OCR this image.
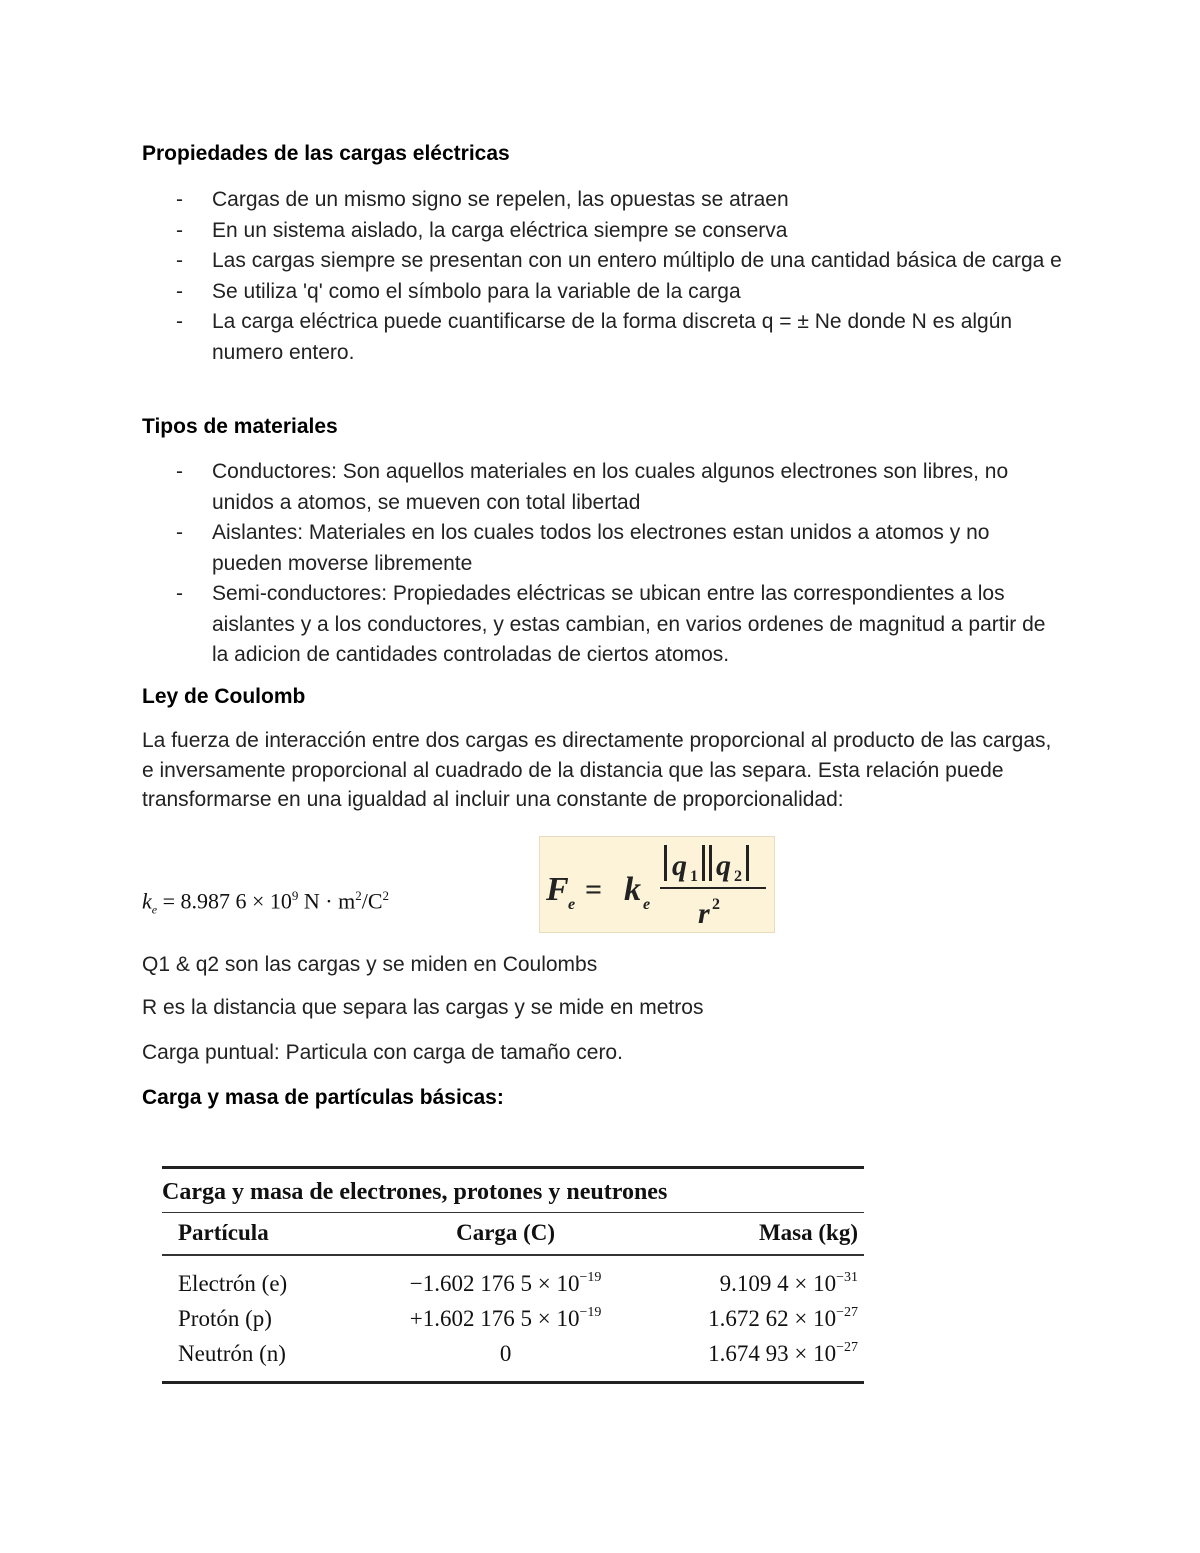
Propiedades de las cargas eléctricas
- Cargas de un mismo signo se repelen, las opuestas se atraen
- En un sistema aislado, la carga eléctrica siempre se conserva
- Las cargas siempre se presentan con un entero múltiplo de una cantidad básica de carga e
- Se utiliza 'q' como el símbolo para la variable de la carga
- La carga eléctrica puede cuantificarse de la forma discreta q = ± Ne donde N es algún numero entero.
Tipos de materiales
- Conductores: Son aquellos materiales en los cuales algunos electrones son libres, no unidos a atomos, se mueven con total libertad
- Aislantes: Materiales en los cuales todos los electrones estan unidos a atomos y no pueden moverse libremente
- Semi-conductores: Propiedades eléctricas se ubican entre las correspondientes a los aislantes y a los conductores, y estas cambian, en varios ordenes de magnitud a partir de la adicion de cantidades controladas de ciertos atomos.
Ley de Coulomb

La fuerza de interacción entre dos cargas es directamente proporcional al producto de las cargas, e inversamente proporcional al cuadrado de la distancia que las separa. Esta relación puede transformarse en una igualdad al incluir una constante de proporcionalidad:

$k_e = 8.987$ $6 \times 10^9$ $N \cdot m^2/C^2$	F e = k e
q 1 q 2
r 2

Q1 & q2 son las cargas y se miden en Coulombs

R es la distancia que separa las cargas y se mide en metros

Carga puntual: Particula con carga de tamaño cero.

Carga y masa de partículas básicas:
Carga y masa de electrones, protones y neutrones
Partícula	Carga (C)	Masa (kg)
Electrón (e)	−1.602 176 $5 \times 10^{-19}$	9.109 $4 \times 10^{-31}$
Protón (p)	+1.602 176 $5 \times 10^{-19}$	1.672 $62 \times 10^{-27}$
Neutrón (n)	0	1.674 $93 \times 10^{-27}$
